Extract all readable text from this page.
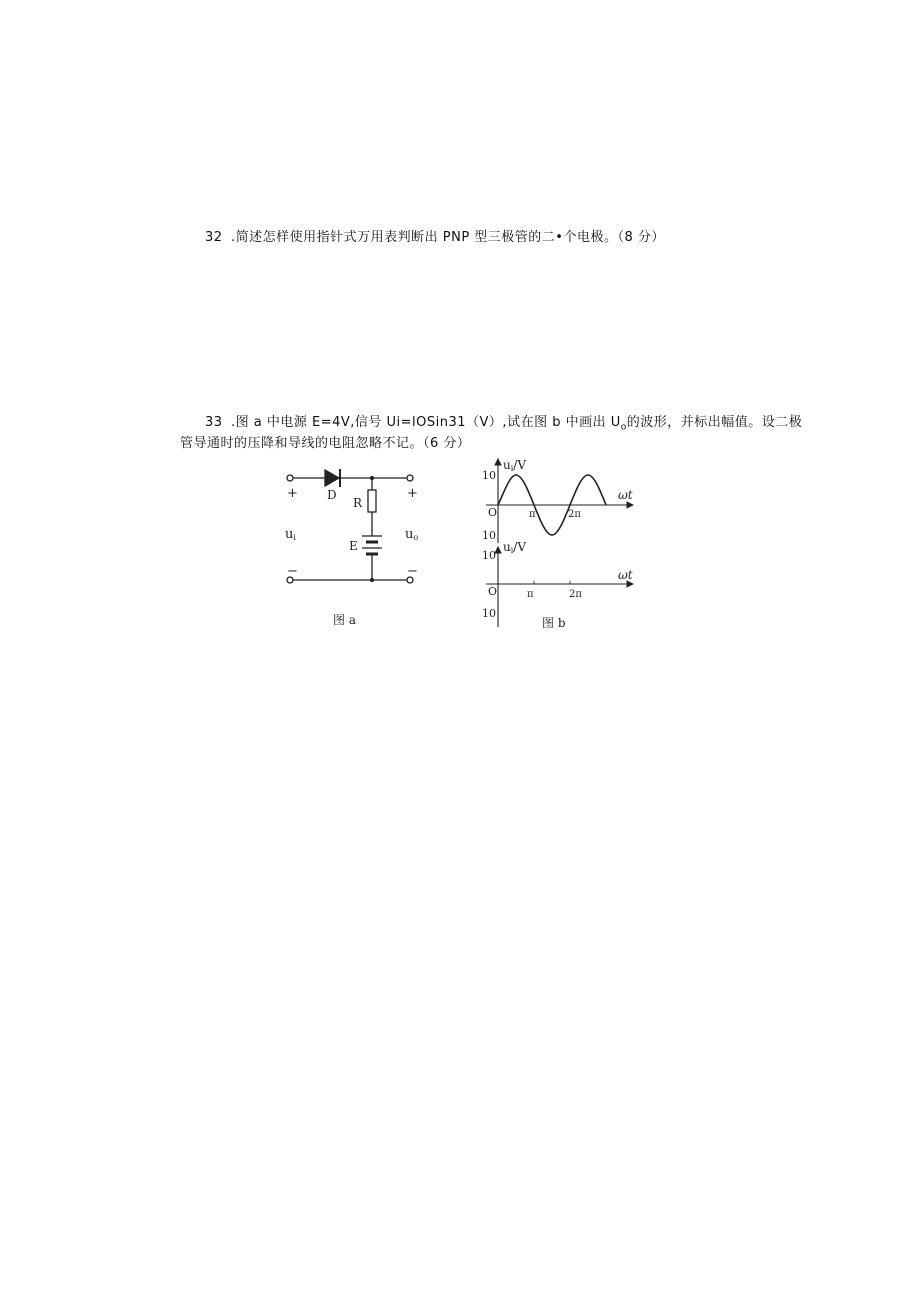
32 .简述怎样使用指针式万用表判断出 PNP 型三极管的二•个电极。（8 分）
33 .图 a 中电源 E=4V,信号 Ui=lOSin31（V）,试在图 b 中画出 $U_o$的波形，并标出幅值。设二极
管导通时的压降和导线的电阻忽略不记。（6 分）
+	+
−	−
D
R
E
ui	uo
图 a
ui/V
10
10
O	π	2π
ωt
ui/V
10
10
O	π	2π
ωt
图 b
